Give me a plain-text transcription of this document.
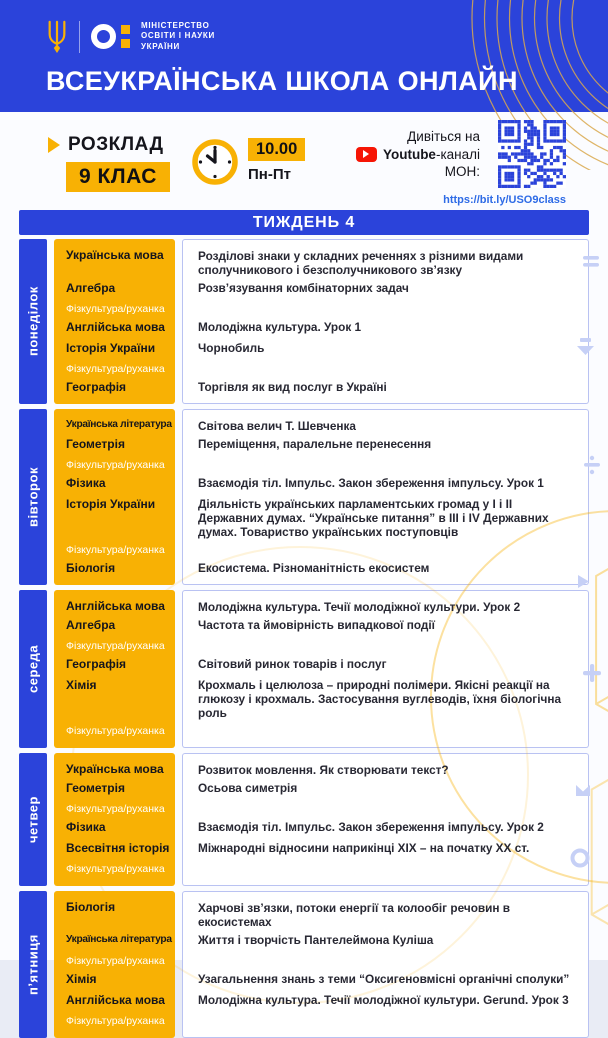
МІНІСТЕРСТВО
ОСВІТИ І НАУКИ
УКРАЇНИ
ВСЕУКРАЇНСЬКА ШКОЛА ОНЛАЙН
РОЗКЛАД
9 КЛАС
10.00
Пн-Пт
Дивіться на
Youtube-каналі
МОН:
https://bit.ly/USO9class
ТИЖДЕНЬ 4
понеділок
Українська мова	Розділові знаки у складних реченнях з різними видами сполучникового і безсполучникового зв’язку
Алгебра	Розв’язування комбінаторних задач
Фізкультура/руханка
Англійська мова	Молодіжна культура. Урок 1
Історія України	Чорнобиль
Фізкультура/руханка
Географія	Торгівля як вид послуг в Україні
вівторок
Українська література	Світова велич Т. Шевченка
Геометрія	Переміщення, паралельне перенесення
Фізкультура/руханка
Фізика	Взаємодія тіл. Імпульс. Закон збереження імпульсу. Урок 1
Історія України	Діяльність українських парламентських громад у I і II Державних думах. “Українське питання” в III і IV Державних думах. Товариство українських поступовців
Фізкультура/руханка
Біологія	Екосистема. Різноманітність екосистем
середа
Англійська мова	Молодіжна культура. Течії молодіжної культури. Урок 2
Алгебра	Частота та ймовірність випадкової події
Фізкультура/руханка
Географія	Світовий ринок товарів і послуг
Хімія	Крохмаль і целюлоза – природні полімери. Якісні реакції на глюкозу і крохмаль. Застосування вуглеводів, їхня біологічна роль
Фізкультура/руханка
четвер
Українська мова	Розвиток мовлення. Як створювати текст?
Геометрія	Осьова симетрія
Фізкультура/руханка
Фізика	Взаємодія тіл. Імпульс. Закон збереження імпульсу. Урок 2
Всесвітня історія	Міжнародні відносини наприкінці XIX – на початку XX ст.
Фізкультура/руханка
п’ятниця
Біологія	Харчові зв’язки, потоки енергії та колообіг речовин в екосистемах
Українська література	Життя і творчість Пантелеймона Куліша
Фізкультура/руханка
Хімія	Узагальнення знань з теми “Оксигеновмісні органічні сполуки”
Англійська мова	Молодіжна культура. Течії молодіжної культури. Gerund. Урок 3
Фізкультура/руханка
